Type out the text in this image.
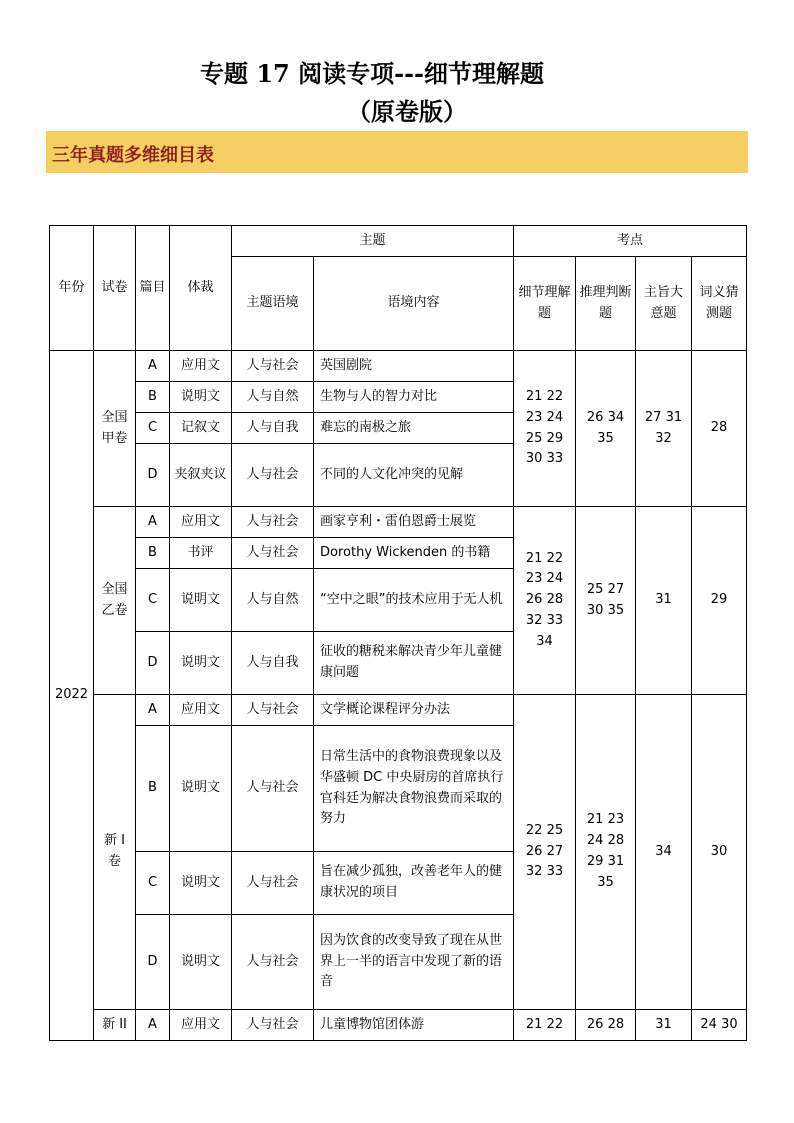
专题 17 阅读专项---细节理解题
（原卷版）
三年真题多维细目表
年份	试卷	篇目	体裁	主题		考点			
				主题语境	语境内容	细节理解题	推理判断题	主旨大意题	词义猜测题
2022	全国甲卷	A	应用文	人与社会	英国剧院	21 22 23 24 25 29 30 33	26 34 35	27 31 32	28
		B	说明文	人与自然	生物与人的智力对比				
		C	记叙文	人与自我	难忘的南极之旅				
		D	夹叙夹议	人与社会	不同的人文化冲突的见解				
	全国乙卷	A	应用文	人与社会	画家亨利・雷伯恩爵士展览	21 22 23 24 26 28 32 33 34	25 27 30 35	31	29
		B	书评	人与社会	Dorothy Wickenden 的书籍				
		C	说明文	人与自然	“空中之眼”的技术应用于无人机				
		D	说明文	人与自我	征收的糖税来解决青少年儿童健康问题				
	新 I 卷	A	应用文	人与社会	文学概论课程评分办法	22 25 26 27 32 33	21 23 24 28 29 31 35	34	30
		B	说明文	人与社会	日常生活中的食物浪费现象以及华盛顿 DC 中央厨房的首席执行官科廷为解决食物浪费而采取的努力				
		C	说明文	人与社会	旨在减少孤独，改善老年人的健康状况的项目				
		D	说明文	人与社会	因为饮食的改变导致了现在从世界上一半的语言中发现了新的语音				
	新 II	A	应用文	人与社会	儿童博物馆团体游	21 22	26 28	31	24 30
